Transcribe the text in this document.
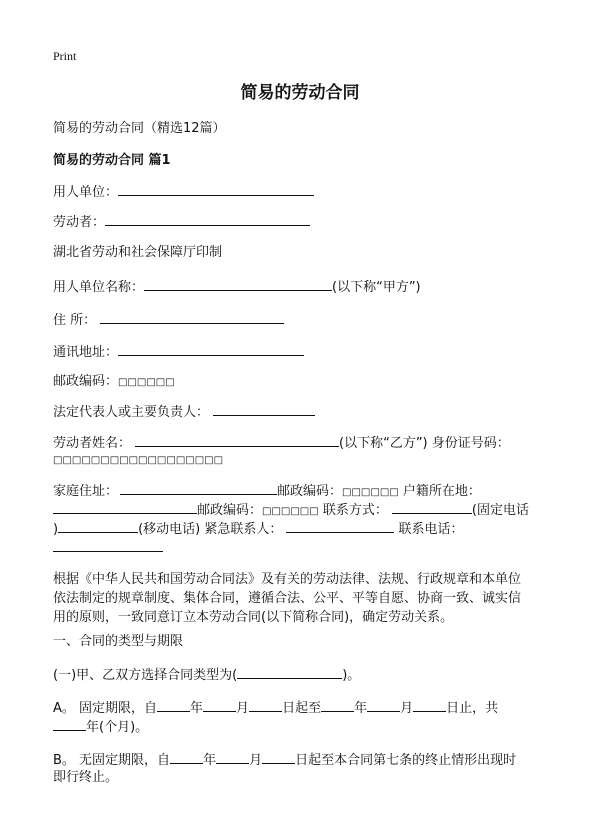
Print
简易的劳动合同
简易的劳动合同（精选12篇）
简易的劳动合同 篇1
用人单位：
劳动者：
湖北省劳动和社会保障厅印制
用人单位名称：	(以下称“甲方”)
住 所：
通讯地址：
邮政编码：□□□□□□
法定代表人或主要负责人：
劳动者姓名：	(以下称“乙方”) 身份证号码：
□□□□□□□□□□□□□□□□□□
家庭住址：	邮政编码：□□□□□□ 户籍所在地：
邮政编码：□□□□□□ 联系方式：	(固定电话
)	(移动电话) 紧急联系人：	联系电话：
根据《中华人民共和国劳动合同法》及有关的劳动法律、法规、行政规章和本单位
依法制定的规章制度、集体合同，遵循合法、公平、平等自愿、协商一致、诚实信
用的原则，一致同意订立本劳动合同(以下简称合同)，确定劳动关系。
一、合同的类型与期限
(一)甲、乙双方选择合同类型为(	)。
A。 固定期限，自	年	月	日起至	年	月	日止，共
年(个月)。
B。 无固定期限，自	年	月	日起至本合同第七条的终止情形出现时
即行终止。
